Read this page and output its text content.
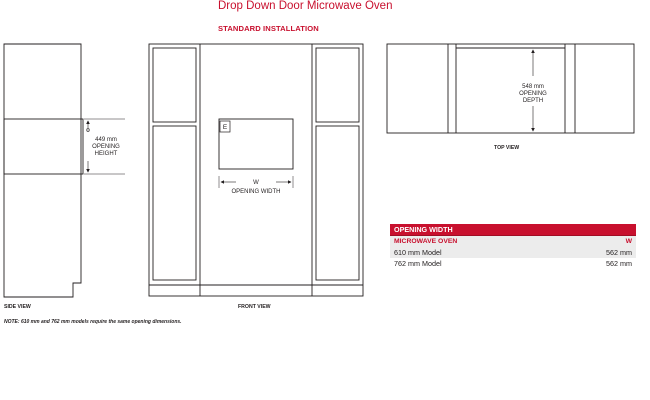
Drop Down Door Microwave Oven
STANDARD INSTALLATION
449 mm
OPENING
HEIGHT
SIDE VIEW
E
W
OPENING WIDTH
FRONT VIEW
548 mm
OPENING
DEPTH
TOP VIEW
OPENING WIDTH
MICROWAVE OVEN	W
610 mm Model	562 mm
762 mm Model	562 mm
NOTE: 610 mm and 762 mm models require the same opening dimensions.
